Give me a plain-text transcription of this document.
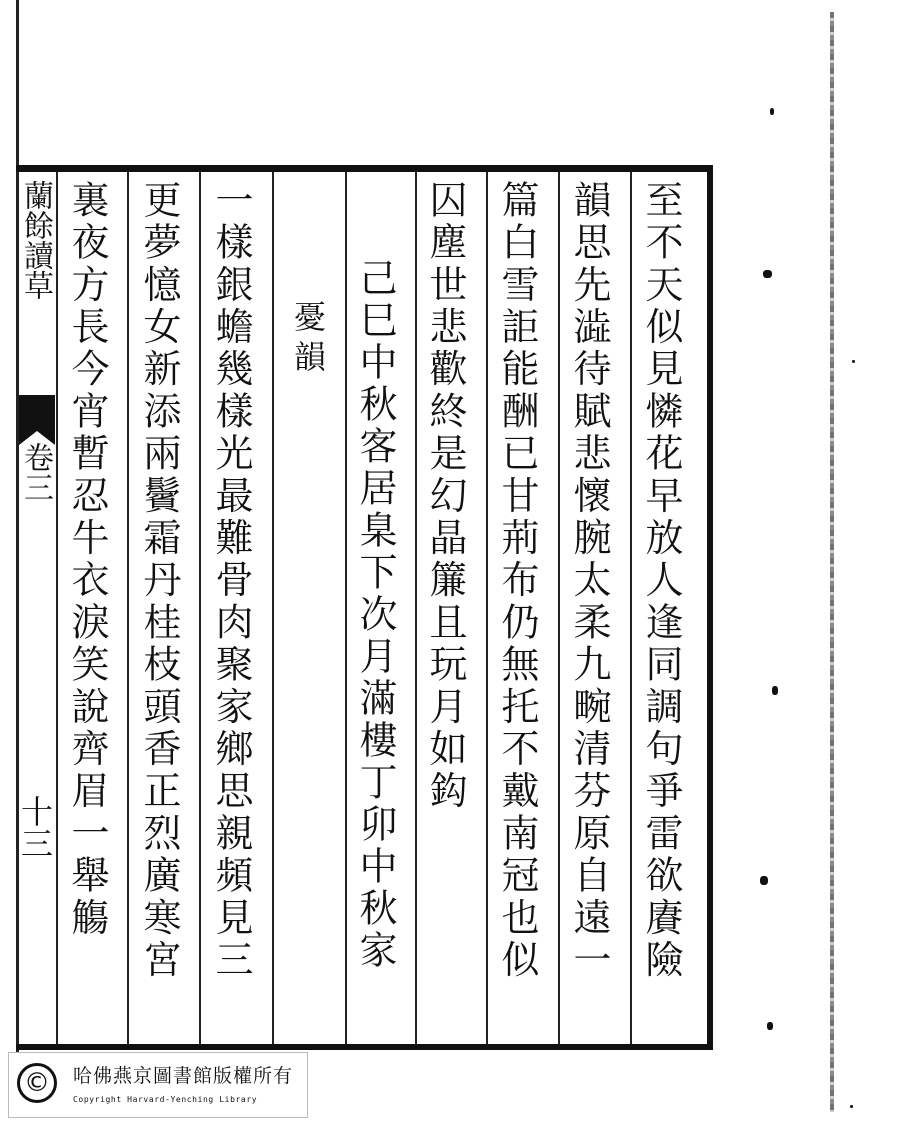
蘭餘讀草
卷三
十三	至不天似見憐花早放人逢同調句爭雷欲賡險
韻思先澁待賦悲懷腕太柔九畹清芬原自遠一
篇白雪詎能酬已甘荊布仍無托不戴南冠也似
囚塵世悲歡終是幻晶簾且玩月如鈎
己巳中秋客居臬下次月滿樓丁卯中秋家
憂韻
一樣銀蟾幾樣光最難骨肉聚家鄉思親頻見三
更夢憶女新添兩鬢霜丹桂枝頭香正烈廣寒宮
裏夜方長今宵暫忍牛衣淚笑說齊眉一舉觴
©	哈佛燕京圖書館版權所有
Copyright Harvard-Yenching Library
